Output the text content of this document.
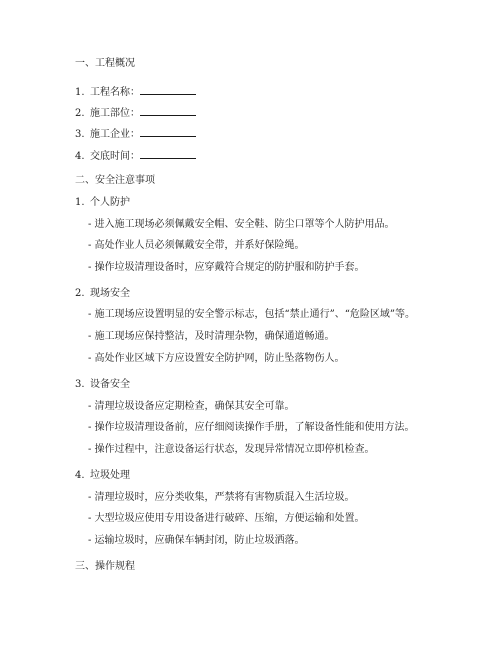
一、工程概况
1. 工程名称：
2. 施工部位：
3. 施工企业：
4. 交底时间：
二、安全注意事项
1. 个人防护
- 进入施工现场必须佩戴安全帽、安全鞋、防尘口罩等个人防护用品。
- 高处作业人员必须佩戴安全带，并系好保险绳。
- 操作垃圾清理设备时，应穿戴符合规定的防护服和防护手套。
2. 现场安全
- 施工现场应设置明显的安全警示标志，包括“禁止通行”、“危险区域”等。
- 施工现场应保持整洁，及时清理杂物，确保通道畅通。
- 高处作业区域下方应设置安全防护网，防止坠落物伤人。
3. 设备安全
- 清理垃圾设备应定期检查，确保其安全可靠。
- 操作垃圾清理设备前，应仔细阅读操作手册，了解设备性能和使用方法。
- 操作过程中，注意设备运行状态，发现异常情况立即停机检查。
4. 垃圾处理
- 清理垃圾时，应分类收集，严禁将有害物质混入生活垃圾。
- 大型垃圾应使用专用设备进行破碎、压缩，方便运输和处置。
- 运输垃圾时，应确保车辆封闭，防止垃圾洒落。
三、操作规程
